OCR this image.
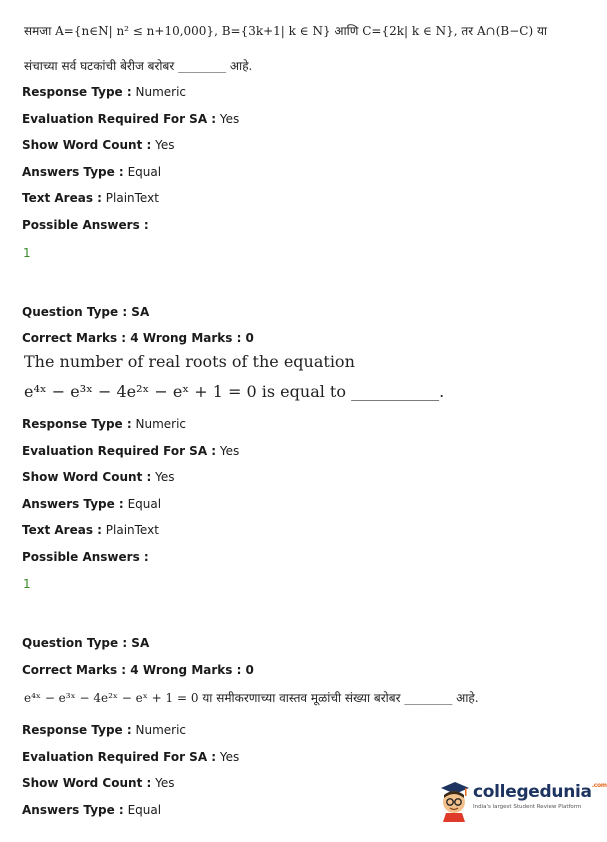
समजा A={n∈N| n² ≤ n+10,000}, B={3k+1| k ∈ N} आणि C={2k| k ∈ N}, तर A∩(B−C) या
संचाच्या सर्व घटकांची बेरीज बरोबर ________ आहे.
Response Type : Numeric
Evaluation Required For SA : Yes
Show Word Count : Yes
Answers Type : Equal
Text Areas : PlainText
Possible Answers :
1
Question Type : SA
Correct Marks : 4 Wrong Marks : 0
The number of real roots of the equation
e⁴ˣ − e³ˣ − 4e²ˣ − eˣ + 1 = 0 is equal to ___________.
Response Type : Numeric
Evaluation Required For SA : Yes
Show Word Count : Yes
Answers Type : Equal
Text Areas : PlainText
Possible Answers :
1
Question Type : SA
Correct Marks : 4 Wrong Marks : 0
e⁴ˣ − e³ˣ − 4e²ˣ − eˣ + 1 = 0 या समीकरणाच्या वास्तव मूळांची संख्या बरोबर ________ आहे.
Response Type : Numeric
Evaluation Required For SA : Yes
Show Word Count : Yes
Answers Type : Equal
collegedunia$^{.com}$
India's largest Student Review Platform
